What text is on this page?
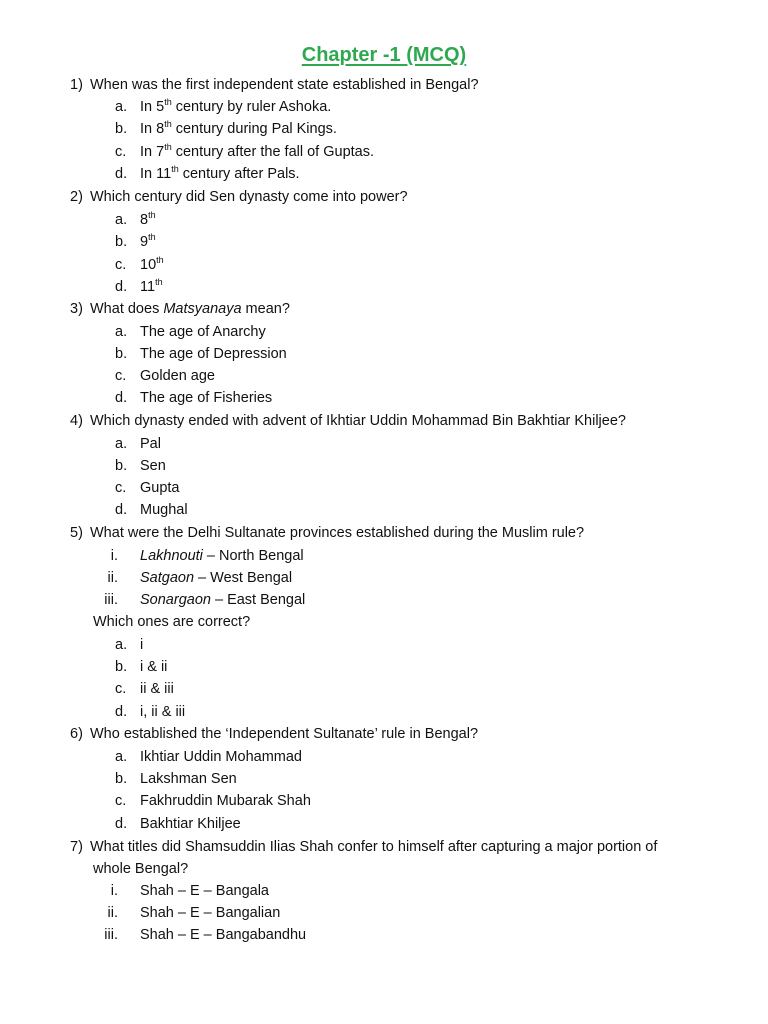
Chapter -1 (MCQ)
1) When was the first independent state established in Bengal?
a. In 5th century by ruler Ashoka.
b. In 8th century during Pal Kings.
c. In 7th century after the fall of Guptas.
d. In 11th century after Pals.
2) Which century did Sen dynasty come into power?
a. 8th
b. 9th
c. 10th
d. 11th
3) What does Matsyanaya mean?
a. The age of Anarchy
b. The age of Depression
c. Golden age
d. The age of Fisheries
4) Which dynasty ended with advent of Ikhtiar Uddin Mohammad Bin Bakhtiar Khiljee?
a. Pal
b. Sen
c. Gupta
d. Mughal
5) What were the Delhi Sultanate provinces established during the Muslim rule?
i. Lakhnouti – North Bengal
ii. Satgaon – West Bengal
iii. Sonargaon – East Bengal
Which ones are correct?
a. i
b. i & ii
c. ii & iii
d. i, ii & iii
6) Who established the ‘Independent Sultanate’ rule in Bengal?
a. Ikhtiar Uddin Mohammad
b. Lakshman Sen
c. Fakhruddin Mubarak Shah
d. Bakhtiar Khiljee
7) What titles did Shamsuddin Ilias Shah confer to himself after capturing a major portion of
whole Bengal?
i. Shah – E – Bangala
ii. Shah – E – Bangalian
iii. Shah – E – Bangabandhu
